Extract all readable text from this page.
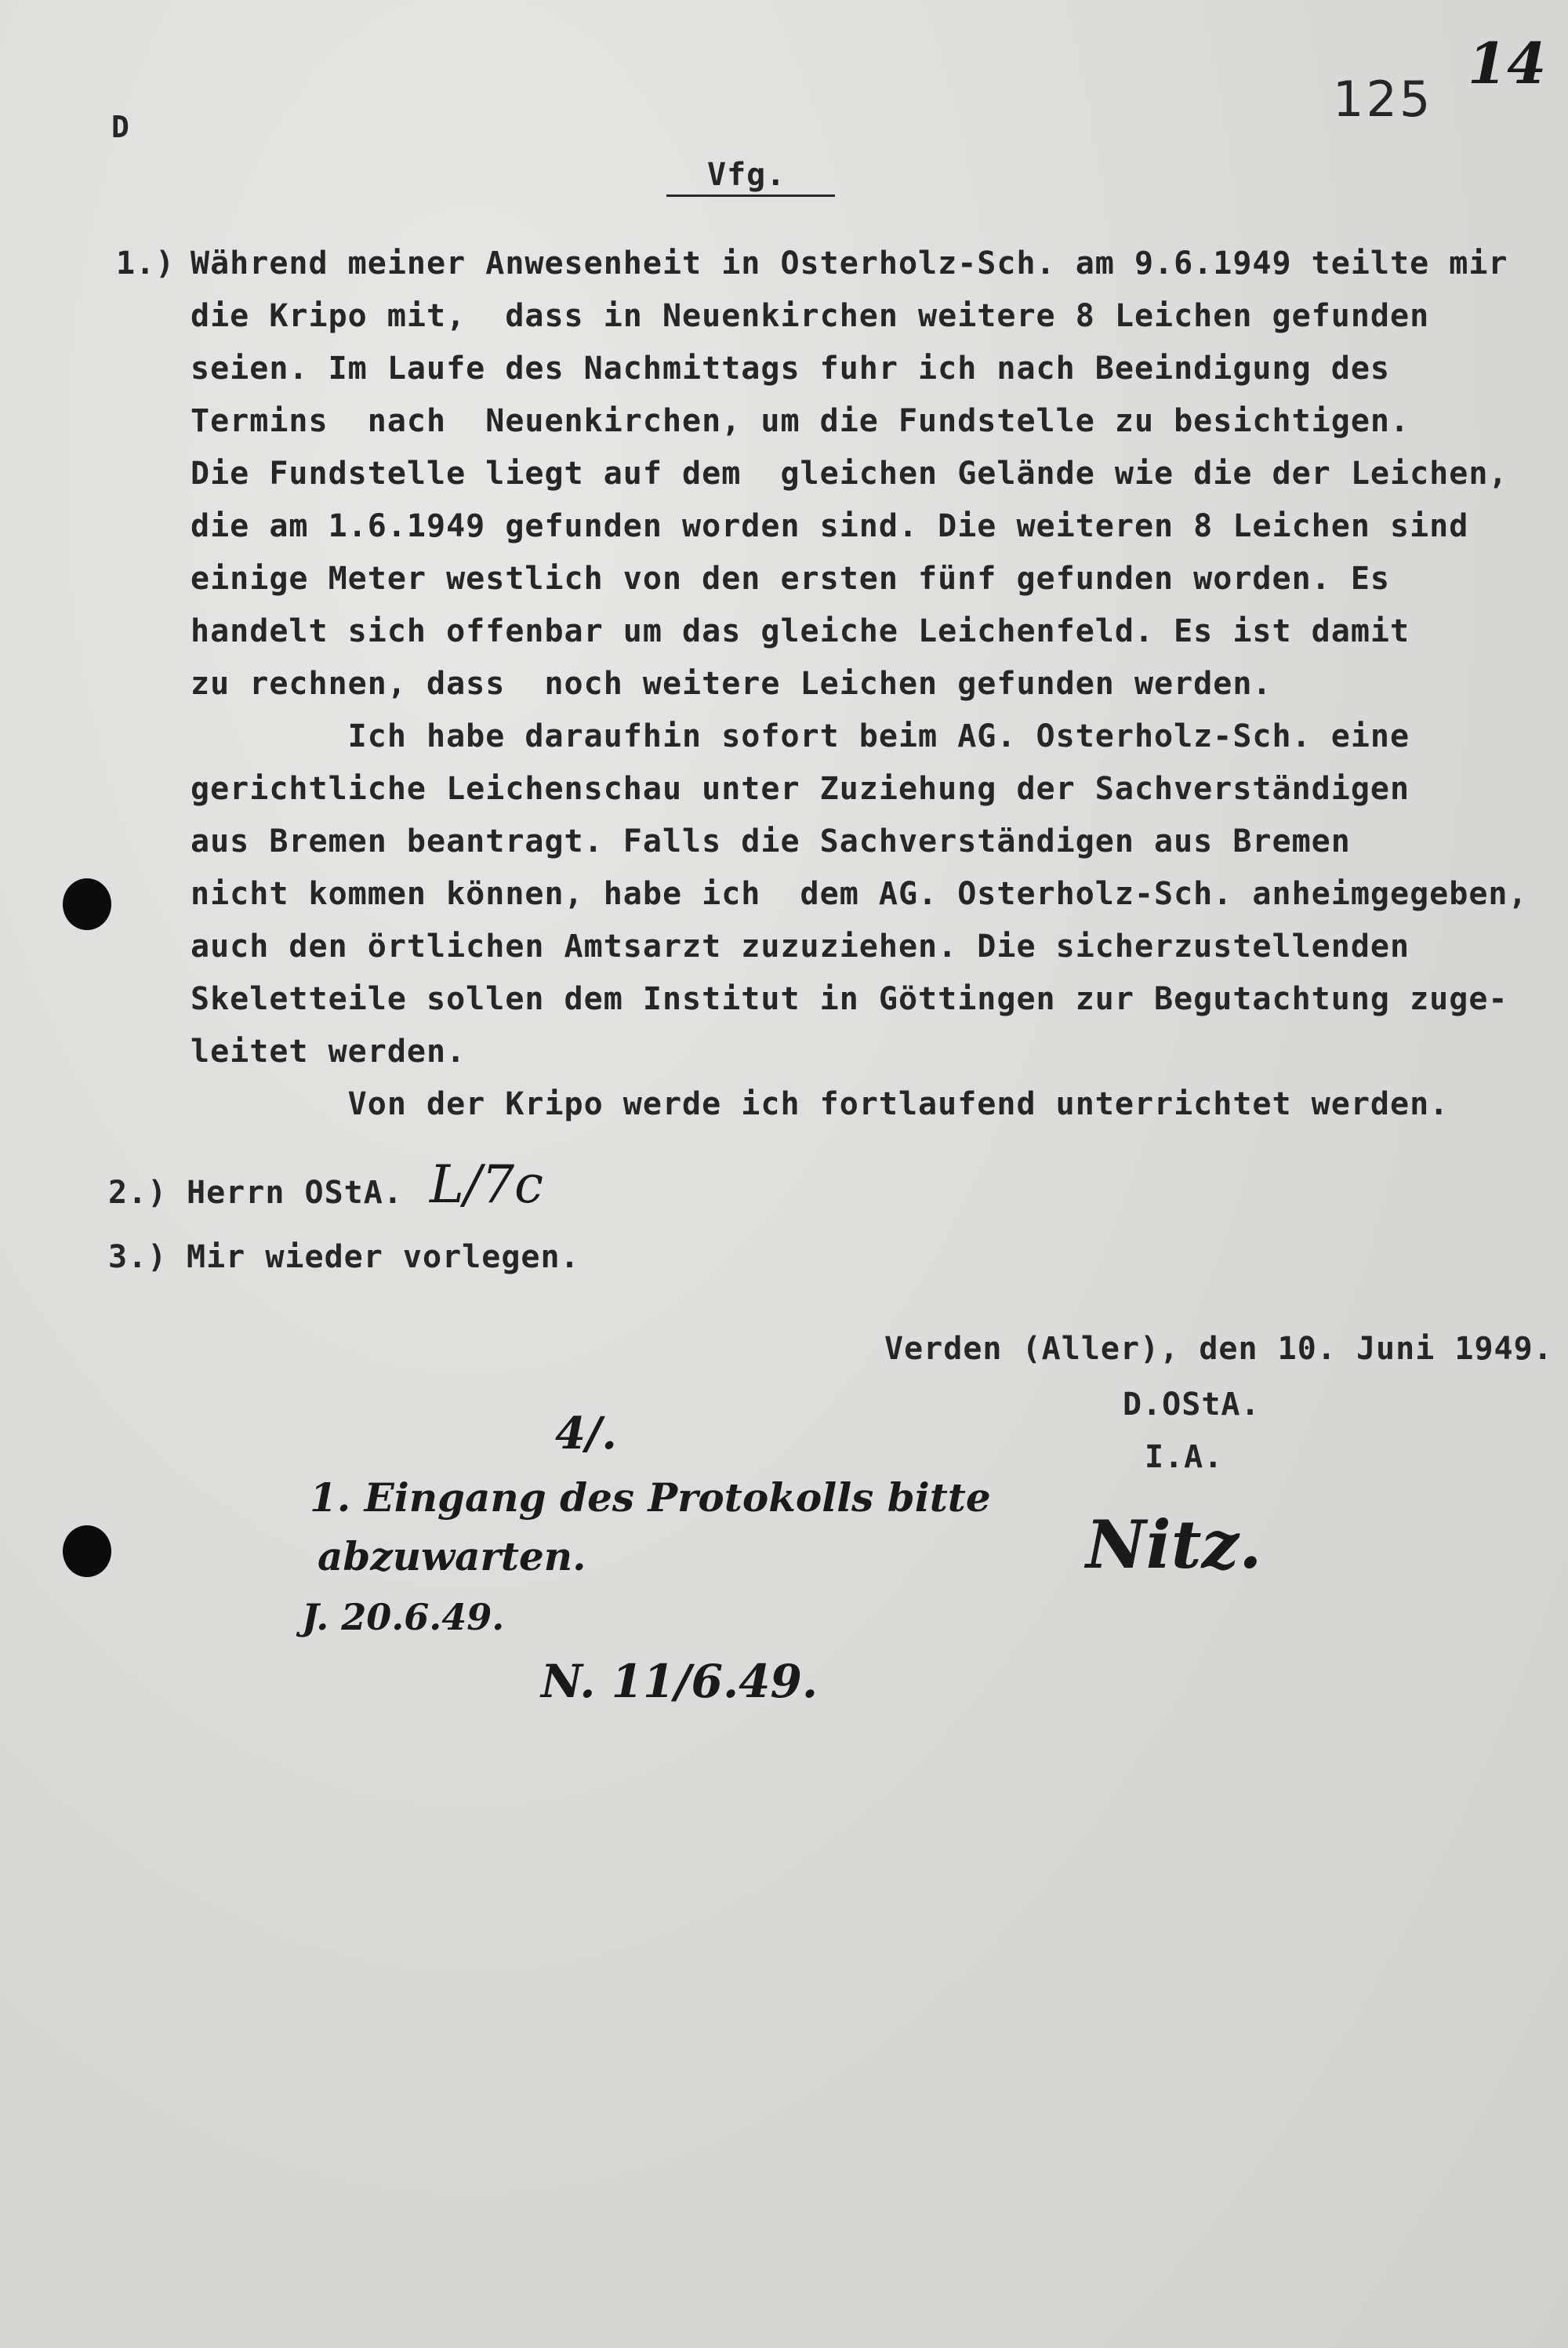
D	125
14
Vfg.
1.) Während meiner Anwesenheit in Osterholz-Sch. am 9.6.1949 teilte mir
die Kripo mit,  dass in Neuenkirchen weitere 8 Leichen gefunden
seien. Im Laufe des Nachmittags fuhr ich nach Beeindigung des
Termins  nach  Neuenkirchen, um die Fundstelle zu besichtigen.
Die Fundstelle liegt auf dem  gleichen Gelände wie die der Leichen,
die am 1.6.1949 gefunden worden sind. Die weiteren 8 Leichen sind
einige Meter westlich von den ersten fünf gefunden worden. Es
handelt sich offenbar um das gleiche Leichenfeld. Es ist damit
zu rechnen, dass  noch weitere Leichen gefunden werden.
Ich habe daraufhin sofort beim AG. Osterholz-Sch. eine
gerichtliche Leichenschau unter Zuziehung der Sachverständigen
aus Bremen beantragt. Falls die Sachverständigen aus Bremen
nicht kommen können, habe ich  dem AG. Osterholz-Sch. anheimgegeben,
auch den örtlichen Amtsarzt zuzuziehen. Die sicherzustellenden
Skeletteile sollen dem Institut in Göttingen zur Begutachtung zuge-
leitet werden.
Von der Kripo werde ich fortlaufend unterrichtet werden.
2.) Herrn OStA. L/7c
3.) Mir wieder vorlegen.
Verden (Aller), den 10. Juni 1949.
D.OStA.
I.A.
Nitz.
4/.
1. Eingang des Protokolls bitte
abzuwarten.
J. 20.6.49.
N. 11/6.49.
